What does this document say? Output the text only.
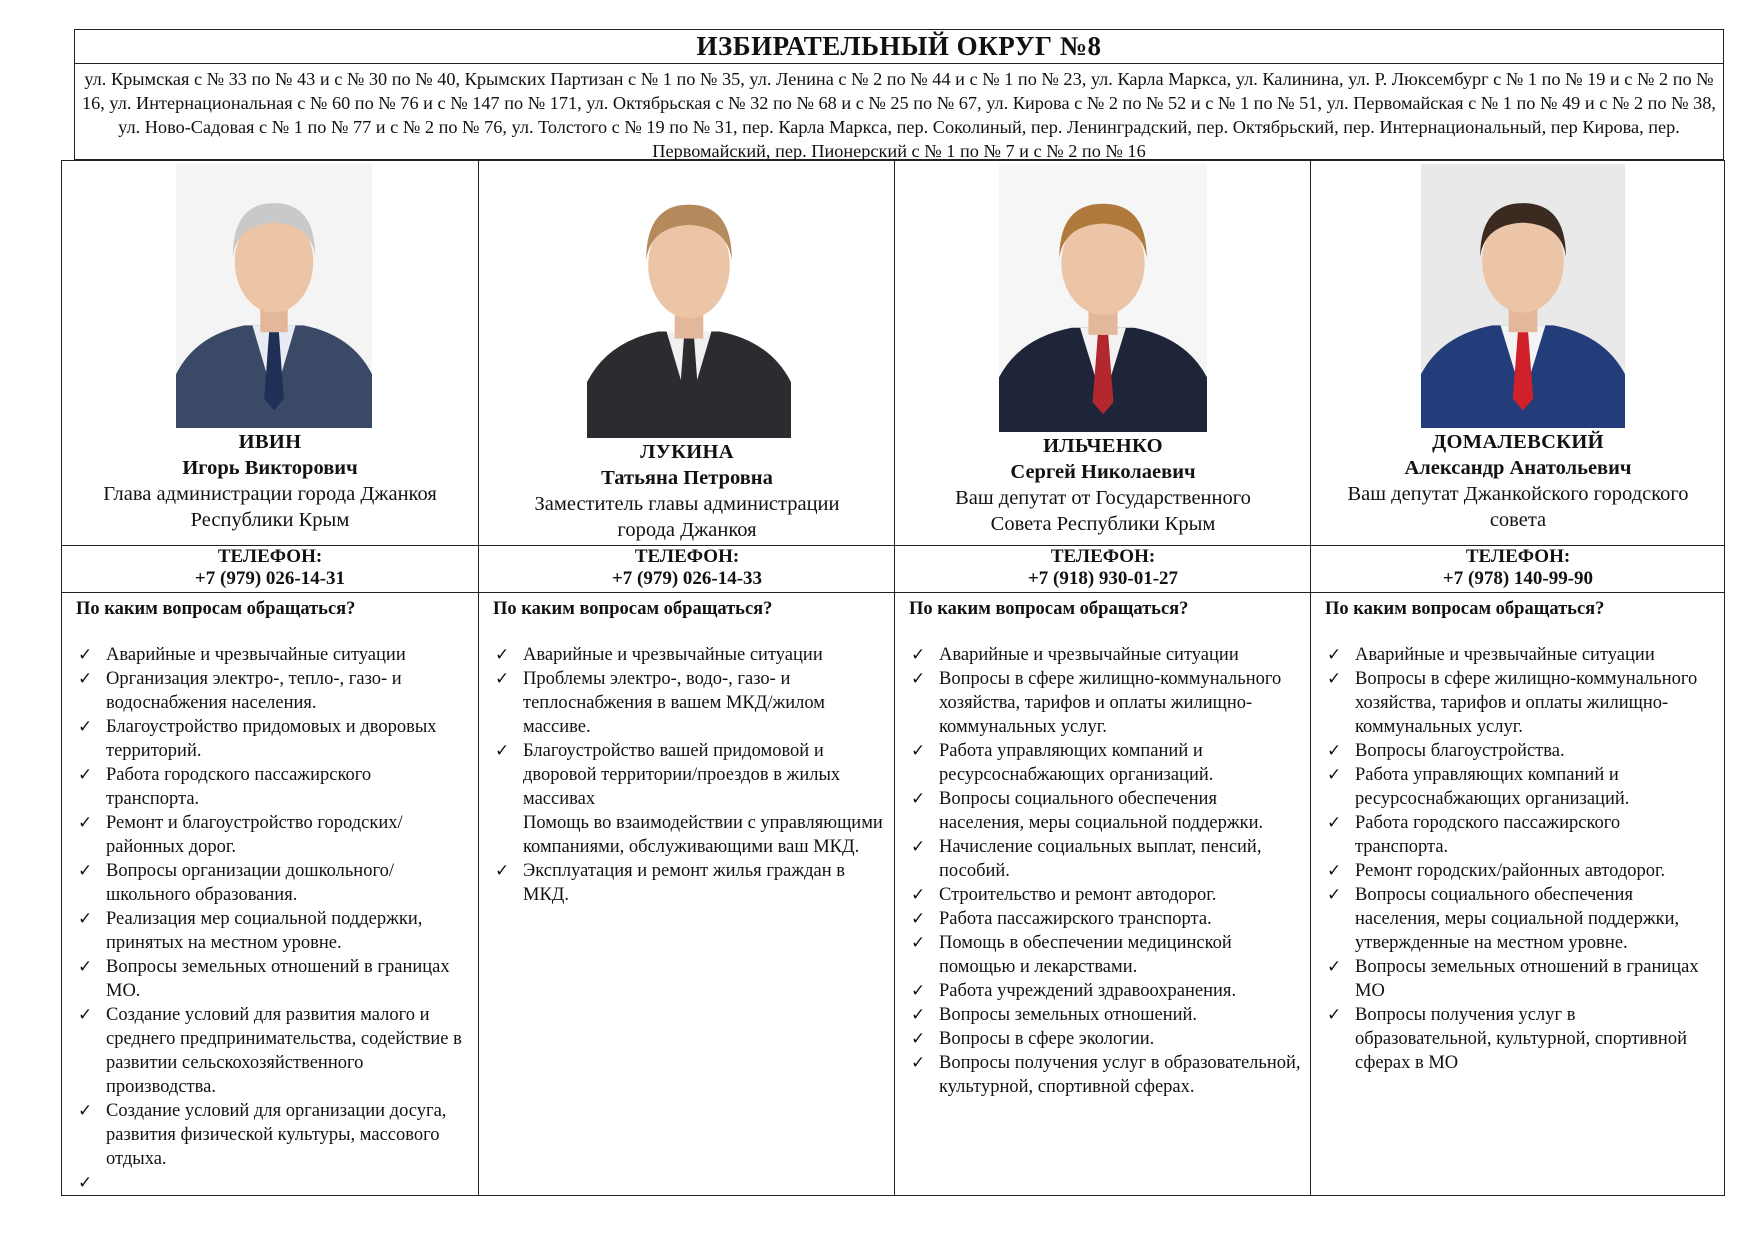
ИЗБИРАТЕЛЬНЫЙ ОКРУГ №8
ул. Крымская с № 33 по № 43 и с № 30 по № 40, Крымских Партизан с № 1 по № 35, ул. Ленина с № 2 по № 44 и с № 1 по № 23, ул. Карла Маркса, ул. Калинина, ул. Р. Люксембург с № 1 по № 19 и с № 2 по № 16, ул. Интернациональная с № 60 по № 76 и с № 147 по № 171, ул. Октябрьская с № 32 по № 68 и с № 25 по № 67, ул. Кирова с № 2 по № 52 и с № 1 по № 51, ул. Первомайская с № 1 по № 49 и с № 2 по № 38, ул. Ново-Садовая с № 1 по № 77 и с № 2 по № 76, ул. Толстого с № 19 по № 31, пер. Карла Маркса, пер. Соколиный, пер. Ленинградский, пер. Октябрьский, пер. Интернациональный, пер Кирова, пер. Первомайский, пер. Пионерский с № 1 по № 7 и с № 2 по № 16
ИВИН
Игорь Викторович
Глава администрации города Джанкоя Республики Крым
ТЕЛЕФОН:
+7 (979) 026-14-31
По каким вопросам обращаться?
✓ Аварийные и чрезвычайные ситуации
✓ Организация электро-, тепло-, газо- и водоснабжения населения.
✓ Благоустройство придомовых и дворовых территорий.
✓ Работа городского пассажирского транспорта.
✓ Ремонт и благоустройство городских/районных дорог.
✓ Вопросы организации дошкольного/школьного образования.
✓ Реализация мер социальной поддержки, принятых на местном уровне.
✓ Вопросы земельных отношений в границах МО.
✓ Создание условий для развития малого и среднего предпринимательства, содействие в развитии сельскохозяйственного производства.
✓ Создание условий для организации досуга, развития физической культуры, массового отдыха.
✓
ЛУКИНА
Татьяна Петровна
Заместитель главы администрации города Джанкоя
ТЕЛЕФОН:
+7 (979) 026-14-33
По каким вопросам обращаться?
✓ Аварийные и чрезвычайные ситуации
✓ Проблемы электро-, водо-, газо- и теплоснабжения в вашем МКД/жилом массиве.
✓ Благоустройство вашей придомовой и дворовой территории/проездов в жилых массивах
Помощь во взаимодействии с управляющими компаниями, обслуживающими ваш МКД.
✓ Эксплуатация и ремонт жилья граждан в МКД.
ИЛЬЧЕНКО
Сергей Николаевич
Ваш депутат от Государственного Совета Республики Крым
ТЕЛЕФОН:
+7 (918) 930-01-27
По каким вопросам обращаться?
✓ Аварийные и чрезвычайные ситуации
✓ Вопросы в сфере жилищно-коммунального хозяйства, тарифов и оплаты жилищно-коммунальных услуг.
✓ Работа управляющих компаний и ресурсоснабжающих организаций.
✓ Вопросы социального обеспечения населения, меры социальной поддержки.
✓ Начисление социальных выплат, пенсий, пособий.
✓ Строительство и ремонт автодорог.
✓ Работа пассажирского транспорта.
✓ Помощь в обеспечении медицинской помощью и лекарствами.
✓ Работа учреждений здравоохранения.
✓ Вопросы земельных отношений.
✓ Вопросы в сфере экологии.
✓ Вопросы получения услуг в образовательной, культурной, спортивной сферах.
ДОМАЛЕВСКИЙ
Александр Анатольевич
Ваш депутат Джанкойского городского совета
ТЕЛЕФОН:
+7 (978) 140-99-90
По каким вопросам обращаться?
✓ Аварийные и чрезвычайные ситуации
✓ Вопросы в сфере жилищно-коммунального хозяйства, тарифов и оплаты жилищно-коммунальных услуг.
✓ Вопросы благоустройства.
✓ Работа управляющих компаний и ресурсоснабжающих организаций.
✓ Работа городского пассажирского транспорта.
✓ Ремонт городских/районных автодорог.
✓ Вопросы социального обеспечения населения, меры социальной поддержки, утвержденные на местном уровне.
✓ Вопросы земельных отношений в границах МО
✓ Вопросы получения услуг в образовательной, культурной, спортивной сферах в МО
